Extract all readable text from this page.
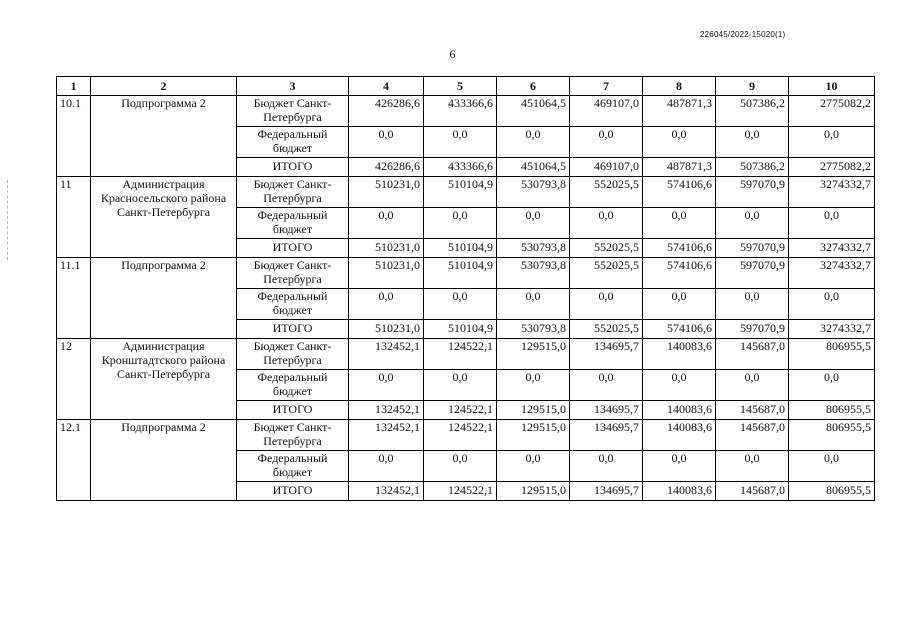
226045/2022-15020(1)
6
1	2	3	4	5	6	7	8	9	10
10.1	Подпрограмма 2	Бюджет Санкт-Петербурга	426286,6	433366,6	451064,5	469107,0	487871,3	507386,2	2775082,2
		Федеральный бюджет	0,0	0,0	0,0	0,0	0,0	0,0	0,0
		ИТОГО	426286,6	433366,6	451064,5	469107,0	487871,3	507386,2	2775082,2
11	Администрация Красносельского района Санкт-Петербурга	Бюджет Санкт-Петербурга	510231,0	510104,9	530793,8	552025,5	574106,6	597070,9	3274332,7
		Федеральный бюджет	0,0	0,0	0,0	0,0	0,0	0,0	0,0
		ИТОГО	510231,0	510104,9	530793,8	552025,5	574106,6	597070,9	3274332,7
11.1	Подпрограмма 2	Бюджет Санкт-Петербурга	510231,0	510104,9	530793,8	552025,5	574106,6	597070,9	3274332,7
		Федеральный бюджет	0,0	0,0	0,0	0,0	0,0	0,0	0,0
		ИТОГО	510231,0	510104,9	530793,8	552025,5	574106,6	597070,9	3274332,7
12	Администрация Кронштадтского района Санкт-Петербурга	Бюджет Санкт-Петербурга	132452,1	124522,1	129515,0	134695,7	140083,6	145687,0	806955,5
		Федеральный бюджет	0,0	0,0	0,0	0,0	0,0	0,0	0,0
		ИТОГО	132452,1	124522,1	129515,0	134695,7	140083,6	145687,0	806955,5
12.1	Подпрограмма 2	Бюджет Санкт-Петербурга	132452,1	124522,1	129515,0	134695,7	140083,6	145687,0	806955,5
		Федеральный бюджет	0,0	0,0	0,0	0,0	0,0	0,0	0,0
		ИТОГО	132452,1	124522,1	129515,0	134695,7	140083,6	145687,0	806955,5
